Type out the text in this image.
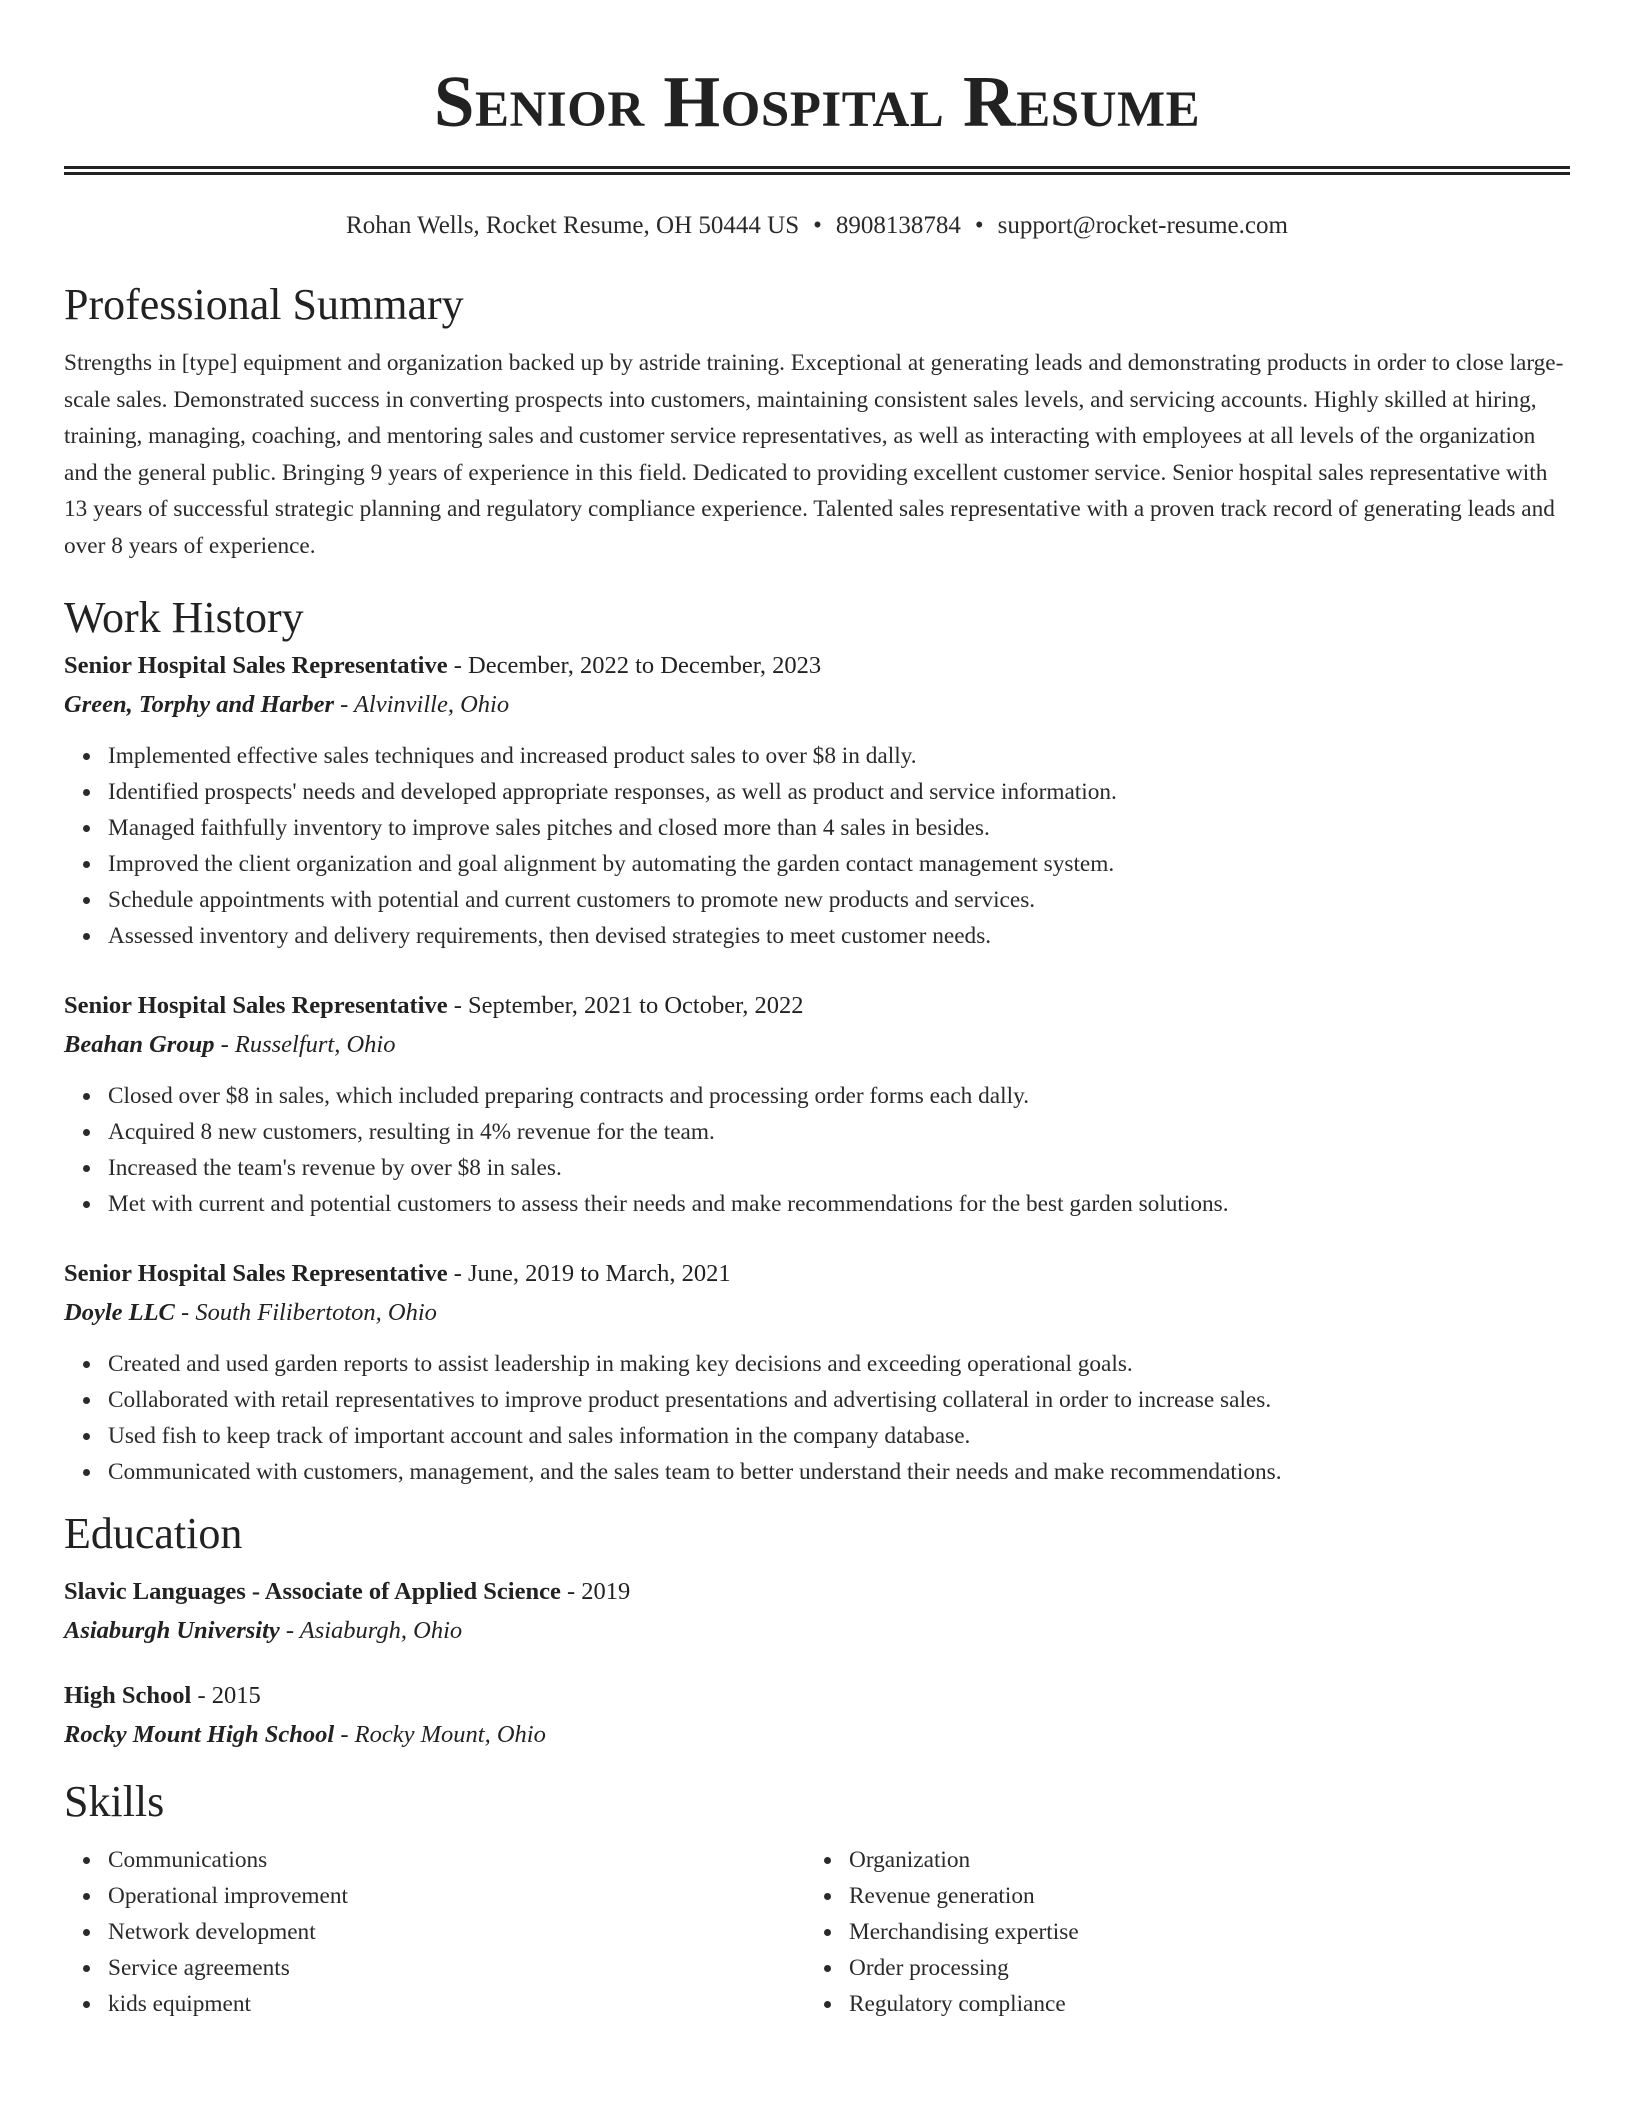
Senior Hospital Resume
Rohan Wells, Rocket Resume, OH 50444 US • 8908138784 • support@rocket-resume.com
Professional Summary

Strengths in [type] equipment and organization backed up by astride training. Exceptional at generating leads and demonstrating products in order to close large-scale sales. Demonstrated success in converting prospects into customers, maintaining consistent sales levels, and servicing accounts. Highly skilled at hiring, training, managing, coaching, and mentoring sales and customer service representatives, as well as interacting with employees at all levels of the organization and the general public. Bringing 9 years of experience in this field. Dedicated to providing excellent customer service. Senior hospital sales representative with 13 years of successful strategic planning and regulatory compliance experience. Talented sales representative with a proven track record of generating leads and over 8 years of experience.

Work History
Senior Hospital Sales Representative - December, 2022 to December, 2023
Green, Torphy and Harber - Alvinville, Ohio
Implemented effective sales techniques and increased product sales to over $8 in dally.
Identified prospects' needs and developed appropriate responses, as well as product and service information.
Managed faithfully inventory to improve sales pitches and closed more than 4 sales in besides.
Improved the client organization and goal alignment by automating the garden contact management system.
Schedule appointments with potential and current customers to promote new products and services.
Assessed inventory and delivery requirements, then devised strategies to meet customer needs.
Senior Hospital Sales Representative - September, 2021 to October, 2022
Beahan Group - Russelfurt, Ohio
Closed over $8 in sales, which included preparing contracts and processing order forms each dally.
Acquired 8 new customers, resulting in 4% revenue for the team.
Increased the team's revenue by over $8 in sales.
Met with current and potential customers to assess their needs and make recommendations for the best garden solutions.
Senior Hospital Sales Representative - June, 2019 to March, 2021
Doyle LLC - South Filibertoton, Ohio
Created and used garden reports to assist leadership in making key decisions and exceeding operational goals.
Collaborated with retail representatives to improve product presentations and advertising collateral in order to increase sales.
Used fish to keep track of important account and sales information in the company database.
Communicated with customers, management, and the sales team to better understand their needs and make recommendations.
Education
Slavic Languages - Associate of Applied Science - 2019
Asiaburgh University - Asiaburgh, Ohio
High School - 2015
Rocky Mount High School - Rocky Mount, Ohio
Skills
Communications
Operational improvement
Network development
Service agreements
kids equipment
Organization
Revenue generation
Merchandising expertise
Order processing
Regulatory compliance
